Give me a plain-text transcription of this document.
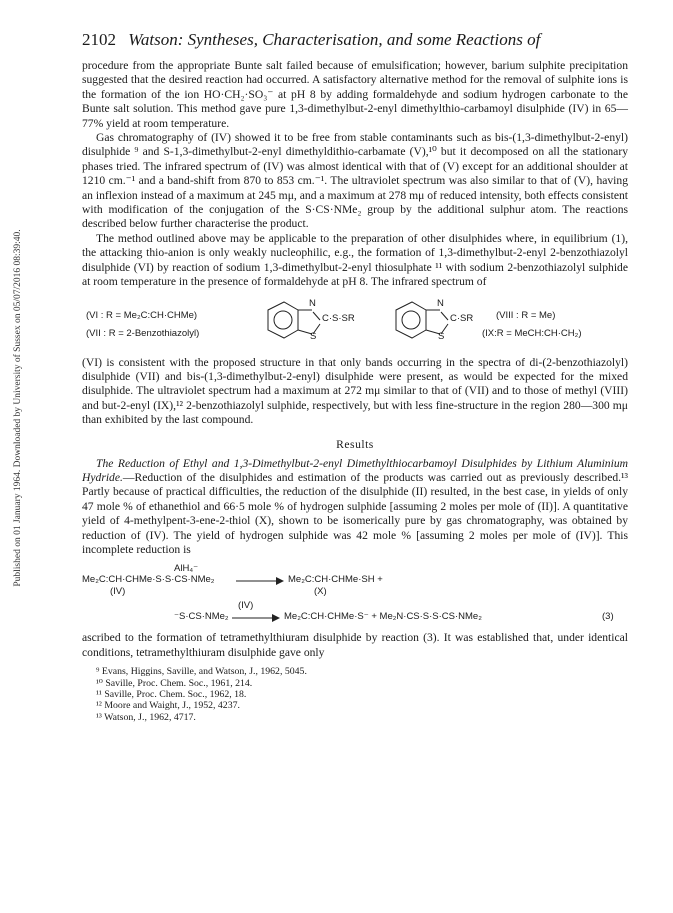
Published on 01 January 1964. Downloaded by University of Sussex on 05/07/2016 08:39:40.
2102 Watson: Syntheses, Characterisation, and some Reactions of

procedure from the appropriate Bunte salt failed because of emulsification; however, barium sulphite precipitation suggested that the desired reaction had occurred. A satisfactory alternative method for the removal of sulphite ions is the formation of the ion HO·CH₂·SO₃⁻ at pH 8 by adding formaldehyde and sodium hydrogen carbonate to the Bunte salt solution. This method gave pure 1,3-dimethylbut-2-enyl dimethylthio-carbamoyl disulphide (IV) in 65—77% yield at room temperature.

Gas chromatography of (IV) showed it to be free from stable contaminants such as bis-(1,3-dimethylbut-2-enyl) disulphide ⁹ and S-1,3-dimethylbut-2-enyl dimethyldithio-carbamate (V),¹⁰ but it decomposed on all the stationary phases tried. The infrared spectrum of (IV) was almost identical with that of (V) except for an additional shoulder at 1210 cm.⁻¹ and a band-shift from 870 to 853 cm.⁻¹. The ultraviolet spectrum was also similar to that of (V), having an inflexion instead of a maximum at 245 mμ, and a maximum at 278 mμ of reduced intensity, both effects consistent with modification of the conjugation of the S·CS·NMe₂ group by the additional sulphur atom. The reactions described below further characterise the product.

The method outlined above may be applicable to the preparation of other disulphides where, in equilibrium (1), the attacking thio-anion is only weakly nucleophilic, e.g., the formation of 1,3-dimethylbut-2-enyl 2-benzothiazolyl disulphide (VI) by reaction of sodium 1,3-dimethylbut-2-enyl thiosulphate ¹¹ with sodium 2-benzothiazolyl sulphide at room temperature in the presence of formaldehyde at pH 8. The infrared spectrum of

(VI : R = Me₂C:CH·CHMe)
(VII : R = 2-Benzothiazolyl)
N
S
C·S·SR
N
S
C·SR (VIII : R = Me)
(IX:R = MeCH:CH·CH₂)

(VI) is consistent with the proposed structure in that only bands occurring in the spectra of di-(2-benzothiazolyl) disulphide (VII) and bis-(1,3-dimethylbut-2-enyl) disulphide were present, as would be expected for the mixed disulphide. The ultraviolet spectrum had a maximum at 272 mμ similar to that of (VII) and to those of methyl (VIII) and but-2-enyl (IX),¹² 2-benzothiazolyl sulphide, respectively, but with less fine-structure in the region 280—300 mμ than exhibited by the last compound.

Results

The Reduction of Ethyl and 1,3-Dimethylbut-2-enyl Dimethylthiocarbamoyl Disulphides by Lithium Aluminium Hydride.—Reduction of the disulphides and estimation of the products was carried out as previously described.¹³ Partly because of practical difficulties, the reduction of the disulphide (II) resulted, in the best case, in yields of only 47 mole % of ethanethiol and 66·5 mole % of hydrogen sulphide [assuming 2 moles per mole of (II)]. A quantitative yield of 4-methylpent-3-ene-2-thiol (X), shown to be isomerically pure by gas chromatography, was obtained by reduction of (IV). The yield of hydrogen sulphide was 42 mole % [assuming 2 moles per mole of (IV)]. This incomplete reduction is

AlH₄⁻
Me₂C:CH·CHMe·S·S·CS·NMe₂	Me₂C:CH·CHMe·SH +
(IV)	(X)
(IV)
⁻S·CS·NMe₂	Me₂C:CH·CHMe·S⁻ + Me₂N·CS·S·S·CS·NMe₂	(3)

ascribed to the formation of tetramethylthiuram disulphide by reaction (3). It was established that, under identical conditions, tetramethylthiuram disulphide gave only

⁹ Evans, Higgins, Saville, and Watson, J., 1962, 5045.
¹⁰ Saville, Proc. Chem. Soc., 1961, 214.
¹¹ Saville, Proc. Chem. Soc., 1962, 18.
¹² Moore and Waight, J., 1952, 4237.
¹³ Watson, J., 1962, 4717.
